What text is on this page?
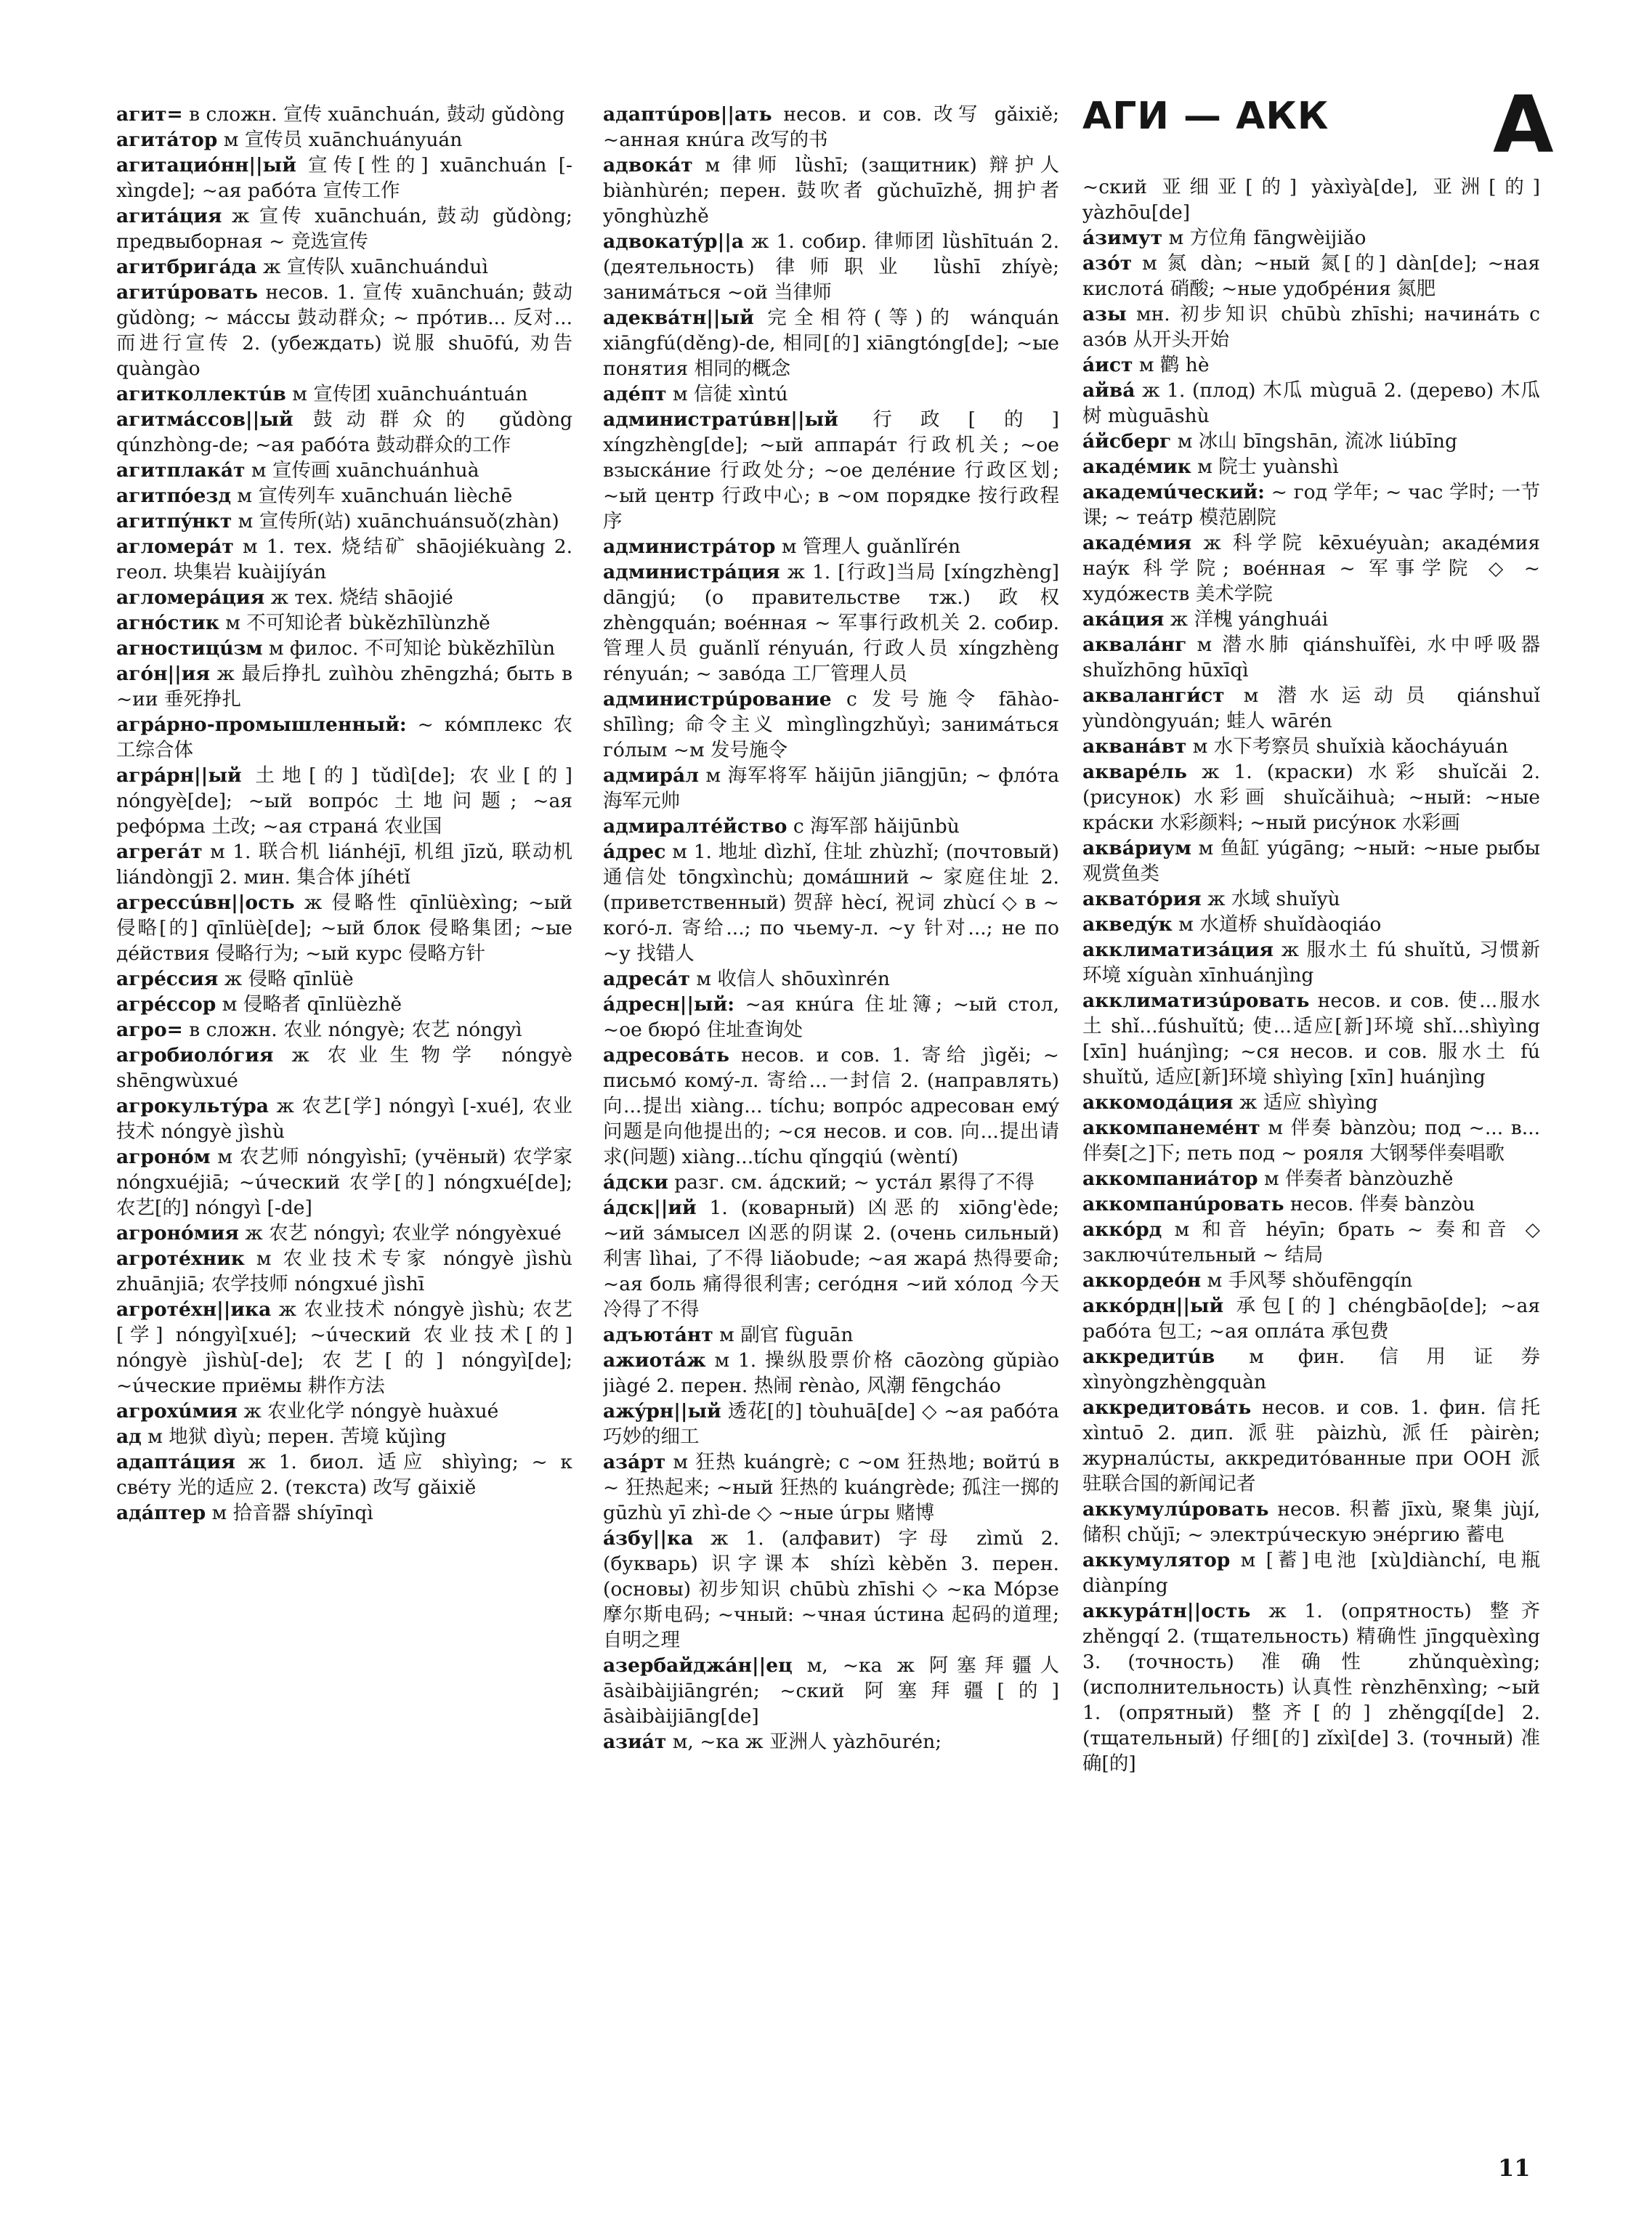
АГИ — АКК А
агит= в сложн. 宣传 xuānchuán, 鼓动 gǔdòng
агитáтор м 宣传员 xuānchuányuán
агитациóнн||ый 宣传[性的] xuānchuán [-xìngde]; ~ая рабóта 宣传工作
агитáция ж 宣传 xuānchuán, 鼓动 gǔdòng; предвыборная ~ 竞选宣传
агитбригáда ж 宣传队 xuānchuánduì
агитúровать несов. 1. 宣传 xuānchuán; 鼓动 gǔdòng; ~ мáссы 鼓动群众; ~ прóтив... 反对...而进行宣传 2. (убеждать) 说服 shuōfú, 劝告 quàngào
агитколлектúв м 宣传团 xuānchuántuán
агитмáссов||ый 鼓动群众的 gǔdòng qúnzhòng-de; ~ая рабóта 鼓动群众的工作
агитплакáт м 宣传画 xuānchuánhuà
агитпóезд м 宣传列车 xuānchuán lièchē
агитпýнкт м 宣传所(站) xuānchuánsuǒ(zhàn)
агломерáт м 1. тех. 烧结矿 shāojiékuàng 2. геол. 块集岩 kuàijíyán
агломерáция ж тех. 烧结 shāojié
агнóстик м 不可知论者 bùkězhīlùnzhě
агностицúзм м филос. 不可知论 bùkězhīlùn
агóн||ия ж 最后挣扎 zuìhòu zhēngzhá; быть в ~ии 垂死挣扎
агрáрно-промышленный: ~ кóмплекс 农工综合体
агрáрн||ый 土地[的] tǔdì[de]; 农业[的] nóngyè[de]; ~ый вопрóс 土地问题; ~ая рефóрма 土改; ~ая странá 农业国
агрегáт м 1. 联合机 liánhéjī, 机组 jīzǔ, 联动机 liándòngjī 2. мин. 集合体 jíhétǐ
агрессúвн||ость ж 侵略性 qīnlüèxìng; ~ый 侵略[的] qīnlüè[de]; ~ый блок 侵略集团; ~ые дéйствия 侵略行为; ~ый курс 侵略方针
агрéссия ж 侵略 qīnlüè
агрéссор м 侵略者 qīnlüèzhě
агро= в сложн. 农业 nóngyè; 农艺 nóngyì
агробиолóгия ж 农业生物学 nóngyè shēngwùxué
агрокультýра ж 农艺[学] nóngyì [-xué], 农业技术 nóngyè jìshù
агронóм м 农艺师 nóngyìshī; (учёный) 农学家 nóngxuéjiā; ~úческий 农学[的] nóngxué[de]; 农艺[的] nóngyì [-de]
агронóмия ж 农艺 nóngyì; 农业学 nóngyèxué
агротéхник м 农业技术专家 nóngyè jìshù zhuānjiā; 农学技师 nóngxué jìshī
агротéхн||ика ж 农业技术 nóngyè jìshù; 农艺[学] nóngyì[xué]; ~úческий 农业技术[的] nóngyè jìshù[-de]; 农艺[的] nóngyì[de]; ~úческие приёмы 耕作方法
агрохúмия ж 农业化学 nóngyè huàxué
ад м 地狱 dìyù; перен. 苦境 kǔjìng
адаптáция ж 1. биол. 适应 shìyìng; ~ к свéту 光的适应 2. (текста) 改写 gǎixiě
адáптер м 拾音器 shíyīnqì
адаптúров||ать несов. и сов. 改写 gǎixiě; ~анная кнúга 改写的书
адвокáт м 律师 lǜshī; (защитник) 辩护人 biànhùrén; перен. 鼓吹者 gǔchuīzhě, 拥护者 yōnghùzhě
адвокатýр||а ж 1. собир. 律师团 lǜshītuán 2. (деятельность) 律师职业 lǜshī zhíyè; занимáться ~ой 当律师
адеквáтн||ый 完全相符(等)的 wánquán xiāngfú(děng)-de, 相同[的] xiāngtóng[de]; ~ые понятия 相同的概念
адéпт м 信徒 xìntú
администратúвн||ый 行政[的] xíngzhèng[de]; ~ый аппарáт 行政机关; ~ое взыскáние 行政处分; ~ое делéние 行政区划; ~ый центр 行政中心; в ~ом порядке 按行政程序
администрáтор м 管理人 guǎnlǐrén
администрáция ж 1. [行政]当局 [xíngzhèng] dāngjú; (о правительстве тж.) 政权 zhèngquán; воéнная ~ 军事行政机关 2. собир. 管理人员 guǎnlǐ rényuán, 行政人员 xíngzhèng rényuán; ~ завóда 工厂管理人员
администрúрование с 发号施令 fāhào-shīlìng; 命令主义 mìnglìngzhǔyì; занимáться гóлым ~м 发号施令
адмирáл м 海军将军 hǎijūn jiāngjūn; ~ флóта 海军元帅
адмиралтéйство с 海军部 hǎijūnbù
áдрес м 1. 地址 dìzhǐ, 住址 zhùzhǐ; (почтовый) 通信处 tōngxìnchù; домáшний ~ 家庭住址 2. (приветственный) 贺辞 hècí, 祝词 zhùcí ◇ в ~ когó-л. 寄给...; по чьему-л. ~у 针对...; не по ~у 找错人
адресáт м 收信人 shōuxìnrén
áдресн||ый: ~ая кнúга 住址簿; ~ый стол, ~ое бюрó 住址查询处
адресовáть несов. и сов. 1. 寄给 jìgěi; ~ письмó комý-л. 寄给...一封信 2. (направлять) 向...提出 xiàng... tíchu; вопрóс адресован емý 问题是向他提出的; ~ся несов. и сов. 向...提出请求(问题) xiàng...tíchu qǐngqiú (wèntí)
áдски разг. см. áдский; ~ устáл 累得了不得
áдск||ий 1. (коварный) 凶恶的 xiōng'ède; ~ий зáмысел 凶恶的阴谋 2. (очень сильный) 利害 lìhai, 了不得 liǎobude; ~ая жарá 热得要命; ~ая боль 痛得很利害; сегóдня ~ий хóлод 今天冷得了不得
адъютáнт м 副官 fùguān
ажиотáж м 1. 操纵股票价格 cāozòng gǔpiào jiàgé 2. перен. 热闹 rènào, 风潮 fēngcháo
ажýрн||ый 透花[的] tòuhuā[de] ◇ ~ая рабóта 巧妙的细工
азáрт м 狂热 kuángrè; с ~ом 狂热地; войтú в ~ 狂热起来; ~ный 狂热的 kuángrède; 孤注一掷的 gūzhù yī zhì-de ◇ ~ные úгры 赌博
áзбу||ка ж 1. (алфавит) 字母 zìmǔ 2. (букварь) 识字课本 shízì kèběn 3. перен. (основы) 初步知识 chūbù zhīshi ◇ ~ка Мóрзе 摩尔斯电码; ~чный: ~чная úстина 起码的道理; 自明之理
азербайджáн||ец м, ~ка ж 阿塞拜疆人 āsàibàijiāngrén; ~ский 阿塞拜疆[的] āsàibàijiāng[de]
азиáт м, ~ка ж 亚洲人 yàzhōurén;
~ский 亚细亚[的] yàxìyà[de], 亚洲[的] yàzhōu[de]
áзимут м 方位角 fāngwèijiǎo
азóт м 氮 dàn; ~ный 氮[的] dàn[de]; ~ная кислотá 硝酸; ~ные удобрéния 氮肥
азы мн. 初步知识 chūbù zhīshi; начинáть с азóв 从开头开始
áист м 鹳 hè
айвá ж 1. (плод) 木瓜 mùguā 2. (дерево) 木瓜树 mùguāshù
áйсберг м 冰山 bīngshān, 流冰 liúbīng
акадéмик м 院士 yuànshì
академúческий: ~ год 学年; ~ час 学时; 一节课; ~ теáтр 模范剧院
акадéмия ж 科学院 kēxuéyuàn; акадéмия наýк 科学院; воéнная ~ 军事学院 ◇ ~ худóжеств 美术学院
акáция ж 洋槐 yánghuái
аквалáнг м 潜水肺 qiánshuǐfèi, 水中呼吸器 shuǐzhōng hūxīqì
акваланги́ст м 潜水运动员 qiánshuǐ yùndòngyuán; 蛙人 wārén
акванáвт м 水下考察员 shuǐxià kǎocháyuán
акварéль ж 1. (краски) 水彩 shuǐcǎi 2. (рисунок) 水彩画 shuǐcǎihuà; ~ный: ~ные крáски 水彩颜料; ~ный рисýнок 水彩画
аквáриум м 鱼缸 yúgāng; ~ный: ~ные рыбы 观赏鱼类
акватóрия ж 水域 shuǐyù
акведýк м 水道桥 shuǐdàoqiáo
акклиматизáция ж 服水土 fú shuǐtǔ, 习惯新环境 xíguàn xīnhuánjìng
акклиматизúровать несов. и сов. 使...服水土 shǐ...fúshuǐtǔ; 使...适应[新]环境 shǐ...shìyìng [xīn] huánjìng; ~ся несов. и сов. 服水土 fú shuǐtǔ, 适应[新]环境 shìyìng [xīn] huánjìng
аккомодáция ж 适应 shìyìng
аккомпанемéнт м 伴奏 bànzòu; под ~... в... 伴奏[之]下; петь под ~ рояля 大钢琴伴奏唱歌
аккомпаниáтор м 伴奏者 bànzòuzhě
аккомпанúровать несов. 伴奏 bànzòu
аккóрд м 和音 héyīn; брать ~ 奏和音 ◇ заключúтельный ~ 结局
аккордеóн м 手风琴 shǒufēngqín
аккóрдн||ый 承包[的] chéngbāo[de]; ~ая рабóта 包工; ~ая оплáта 承包费
аккредитúв м фин. 信用证券 xìnyòngzhèngquàn
аккредитовáть несов. и сов. 1. фин. 信托 xìntuō 2. дип. 派驻 pàizhù, 派任 pàirèn; журналúсты, аккредитóванные при ООН 派驻联合国的新闻记者
аккумулúровать несов. 积蓄 jīxù, 聚集 jùjí, 储积 chǔjī; ~ электрúческую энéргию 蓄电
аккумулятор м [蓄]电池 [xù]diànchí, 电瓶 diànpíng
аккурáтн||ость ж 1. (опрятность) 整齐 zhěngqí 2. (тщательность) 精确性 jīngquèxìng 3. (точность) 准确性 zhǔnquèxìng; (исполнительность) 认真性 rènzhēnxìng; ~ый 1. (опрятный) 整齐[的] zhěngqí[de] 2. (тщательный) 仔细[的] zǐxì[de] 3. (точный) 准确[的]
11
